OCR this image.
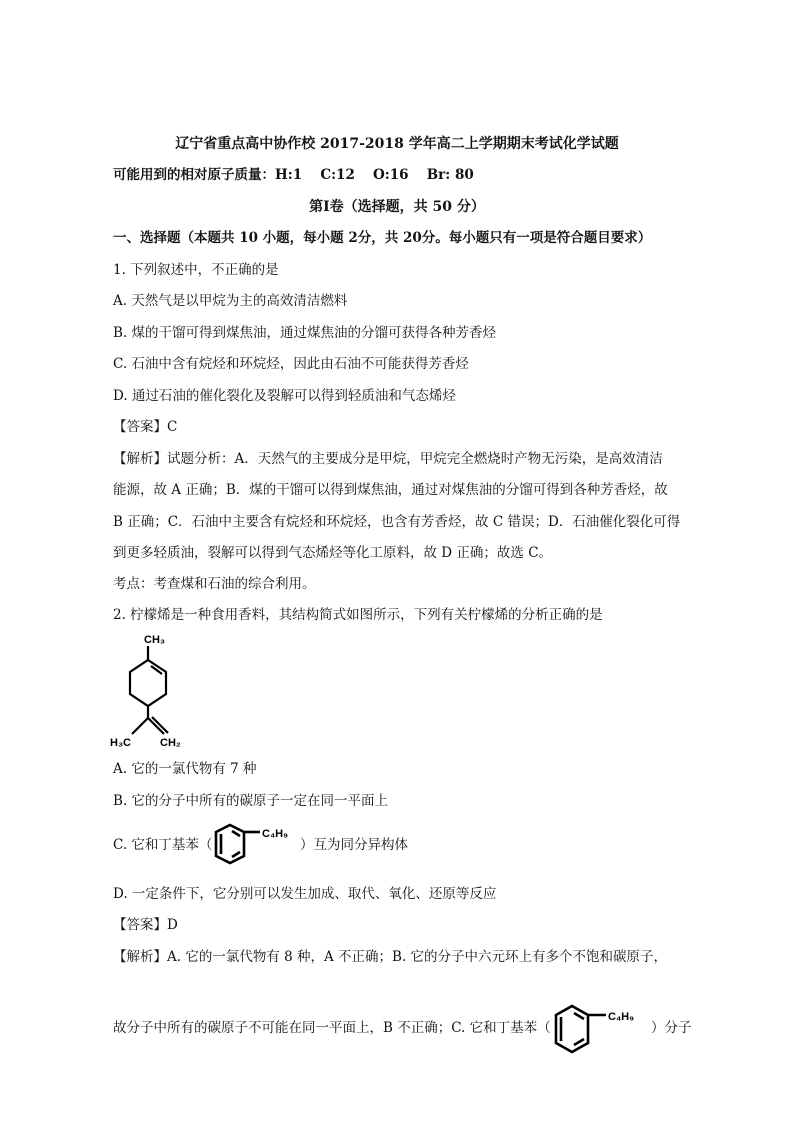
辽宁省重点高中协作校 2017-2018 学年高二上学期期末考试化学试题
可能用到的相对原子质量：H:1　 C:12　 O:16　 Br: 80
第Ⅰ卷（选择题，共 50 分）
一、选择题（本题共 10 小题，每小题 2分，共 20分。每小题只有一项是符合题目要求）
1. 下列叙述中，不正确的是
A. 天然气是以甲烷为主的高效清洁燃料
B. 煤的干馏可得到煤焦油，通过煤焦油的分馏可获得各种芳香烃
C. 石油中含有烷烃和环烷烃，因此由石油不可能获得芳香烃
D. 通过石油的催化裂化及裂解可以得到轻质油和气态烯烃
【答案】C
【解析】试题分析：A．天然气的主要成分是甲烷，甲烷完全燃烧时产物无污染，是高效清洁
能源，故 A 正确；B．煤的干馏可以得到煤焦油，通过对煤焦油的分馏可得到各种芳香烃，故
B 正确；C．石油中主要含有烷烃和环烷烃，也含有芳香烃，故 C 错误；D．石油催化裂化可得
到更多轻质油，裂解可以得到气态烯烃等化工原料，故 D 正确；故选 C。
考点：考查煤和石油的综合利用。
2. 柠檬烯是一种食用香料，其结构简式如图所示，下列有关柠檬烯的分析正确的是
CH₃
H₃C	CH₂
A. 它的一氯代物有 7 种
B. 它的分子中所有的碳原子一定在同一平面上
C. 它和丁基苯（
C₄H₉
）互为同分异构体
D. 一定条件下，它分别可以发生加成、取代、氧化、还原等反应
【答案】D
【解析】A. 它的一氯代物有 8 种，A 不正确；B. 它的分子中六元环上有多个不饱和碳原子，
故分子中所有的碳原子不可能在同一平面上，B 不正确；C. 它和丁基苯（
C₄H₉
）分子
